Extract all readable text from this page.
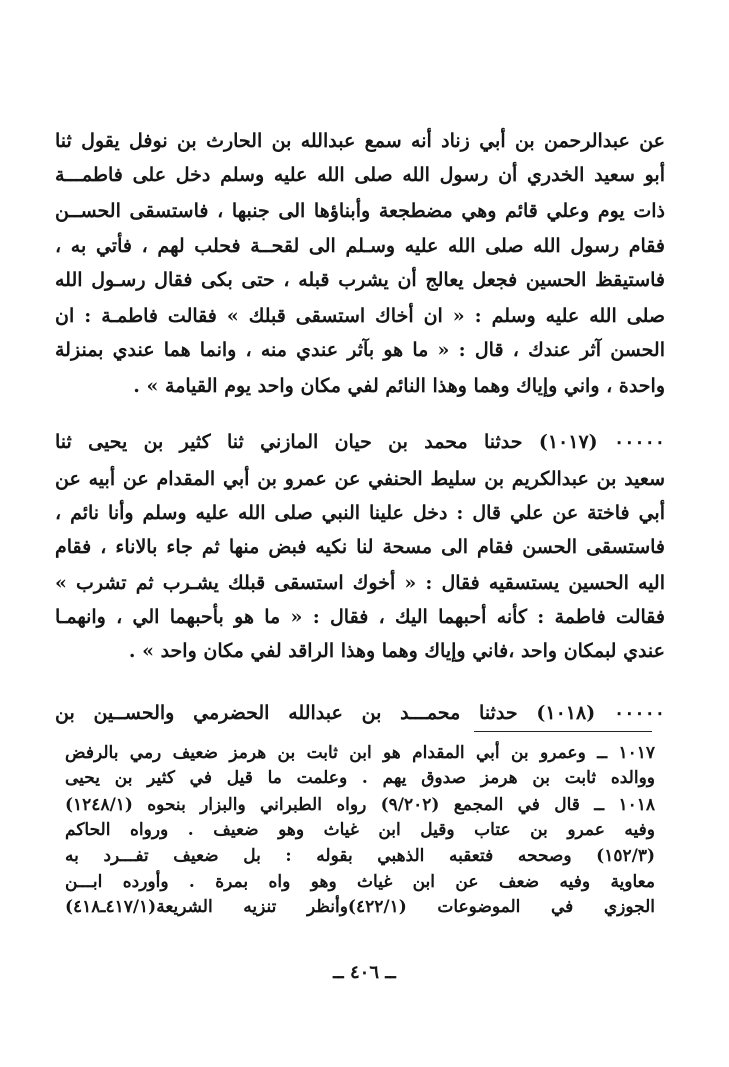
عن عبدالرحمن بن أبي زناد أنه سمع عبدالله بن الحارث بن نوفل يقول ثنا
أبو سعيد الخدري أن رسول الله صلى الله عليه وسلم دخل على فاطمـــة
ذات يوم وعلي قائم وهي مضطجعة وأبناؤها الى جنبها ، فاستسقى الحســن
فقام رسول الله صلى الله عليه وسـلم الى لقحــة فحلب لهم ، فأتي به ،
فاستيقظ الحسين فجعل يعالج أن يشرب قبله ، حتى بكى فقال رسـول الله
صلى الله عليه وسلم : « ان أخاك استسقى قبلك » فقالت فاطمـة : ان
الحسن آثر عندك ، قال : « ما هو بآثر عندي منه ، وانما هما عندي بمنزلة
واحدة ، واني وإياك وهما وهذا النائم لفي مكان واحد يوم القيامة » .
٠٠٠٠٠ (١٠١٧) حدثنا محمد بن حيان المازني ثنا كثير بن يحيى ثنا
سعيد بن عبدالكريم بن سليط الحنفي عن عمرو بن أبي المقدام عن أبيه عن
أبي فاختة عن علي قال : دخل علينا النبي صلى الله عليه وسلم وأنا نائم ،
فاستسقى الحسن فقام الى مسحة لنا نكيه فبض منها ثم جاء بالاناء ، فقام
اليه الحسين يستسقيه فقال : « أخوك استسقى قبلك يشـرب ثم تشرب »
فقالت فاطمة : كأنه أحبهما اليك ، فقال : « ما هو بأحبهما الي ، وانهمـا
عندي لبمكان واحد ،فاني وإياك وهما وهذا الراقد لفي مكان واحد » .
٠٠٠٠٠ (١٠١٨) حدثنا محمـــد بن عبدالله الحضرمي والحســين بن
١٠١٧ ــ وعمرو بن أبي المقدام هو ابن ثابت بن هرمز ضعيف رمي بالرفض
ووالده ثابت بن هرمز صدوق يهم . وعلمت ما قيل في كثير بن يحيى
١٠١٨ ــ قال في المجمع (٩/٢٠٢) رواه الطبراني والبزار بنحوه (١٢٤٨/١)
وفيه عمرو بن عتاب وقيل ابن غياث وهو ضعيف . ورواه الحاكم
(١٥٢/٣) وصححه فتعقبه الذهبي بقوله : بل ضعيف تفـــرد به
معاوية وفيه ضعف عن ابن غياث وهو واه بمرة . وأورده ابـــن
الجوزي في الموضوعات (٤٢٢/١)وأنظر تنزيه الشريعة(٤١٧/١ـ٤١٨)
ــ ٤٠٦ ــ
